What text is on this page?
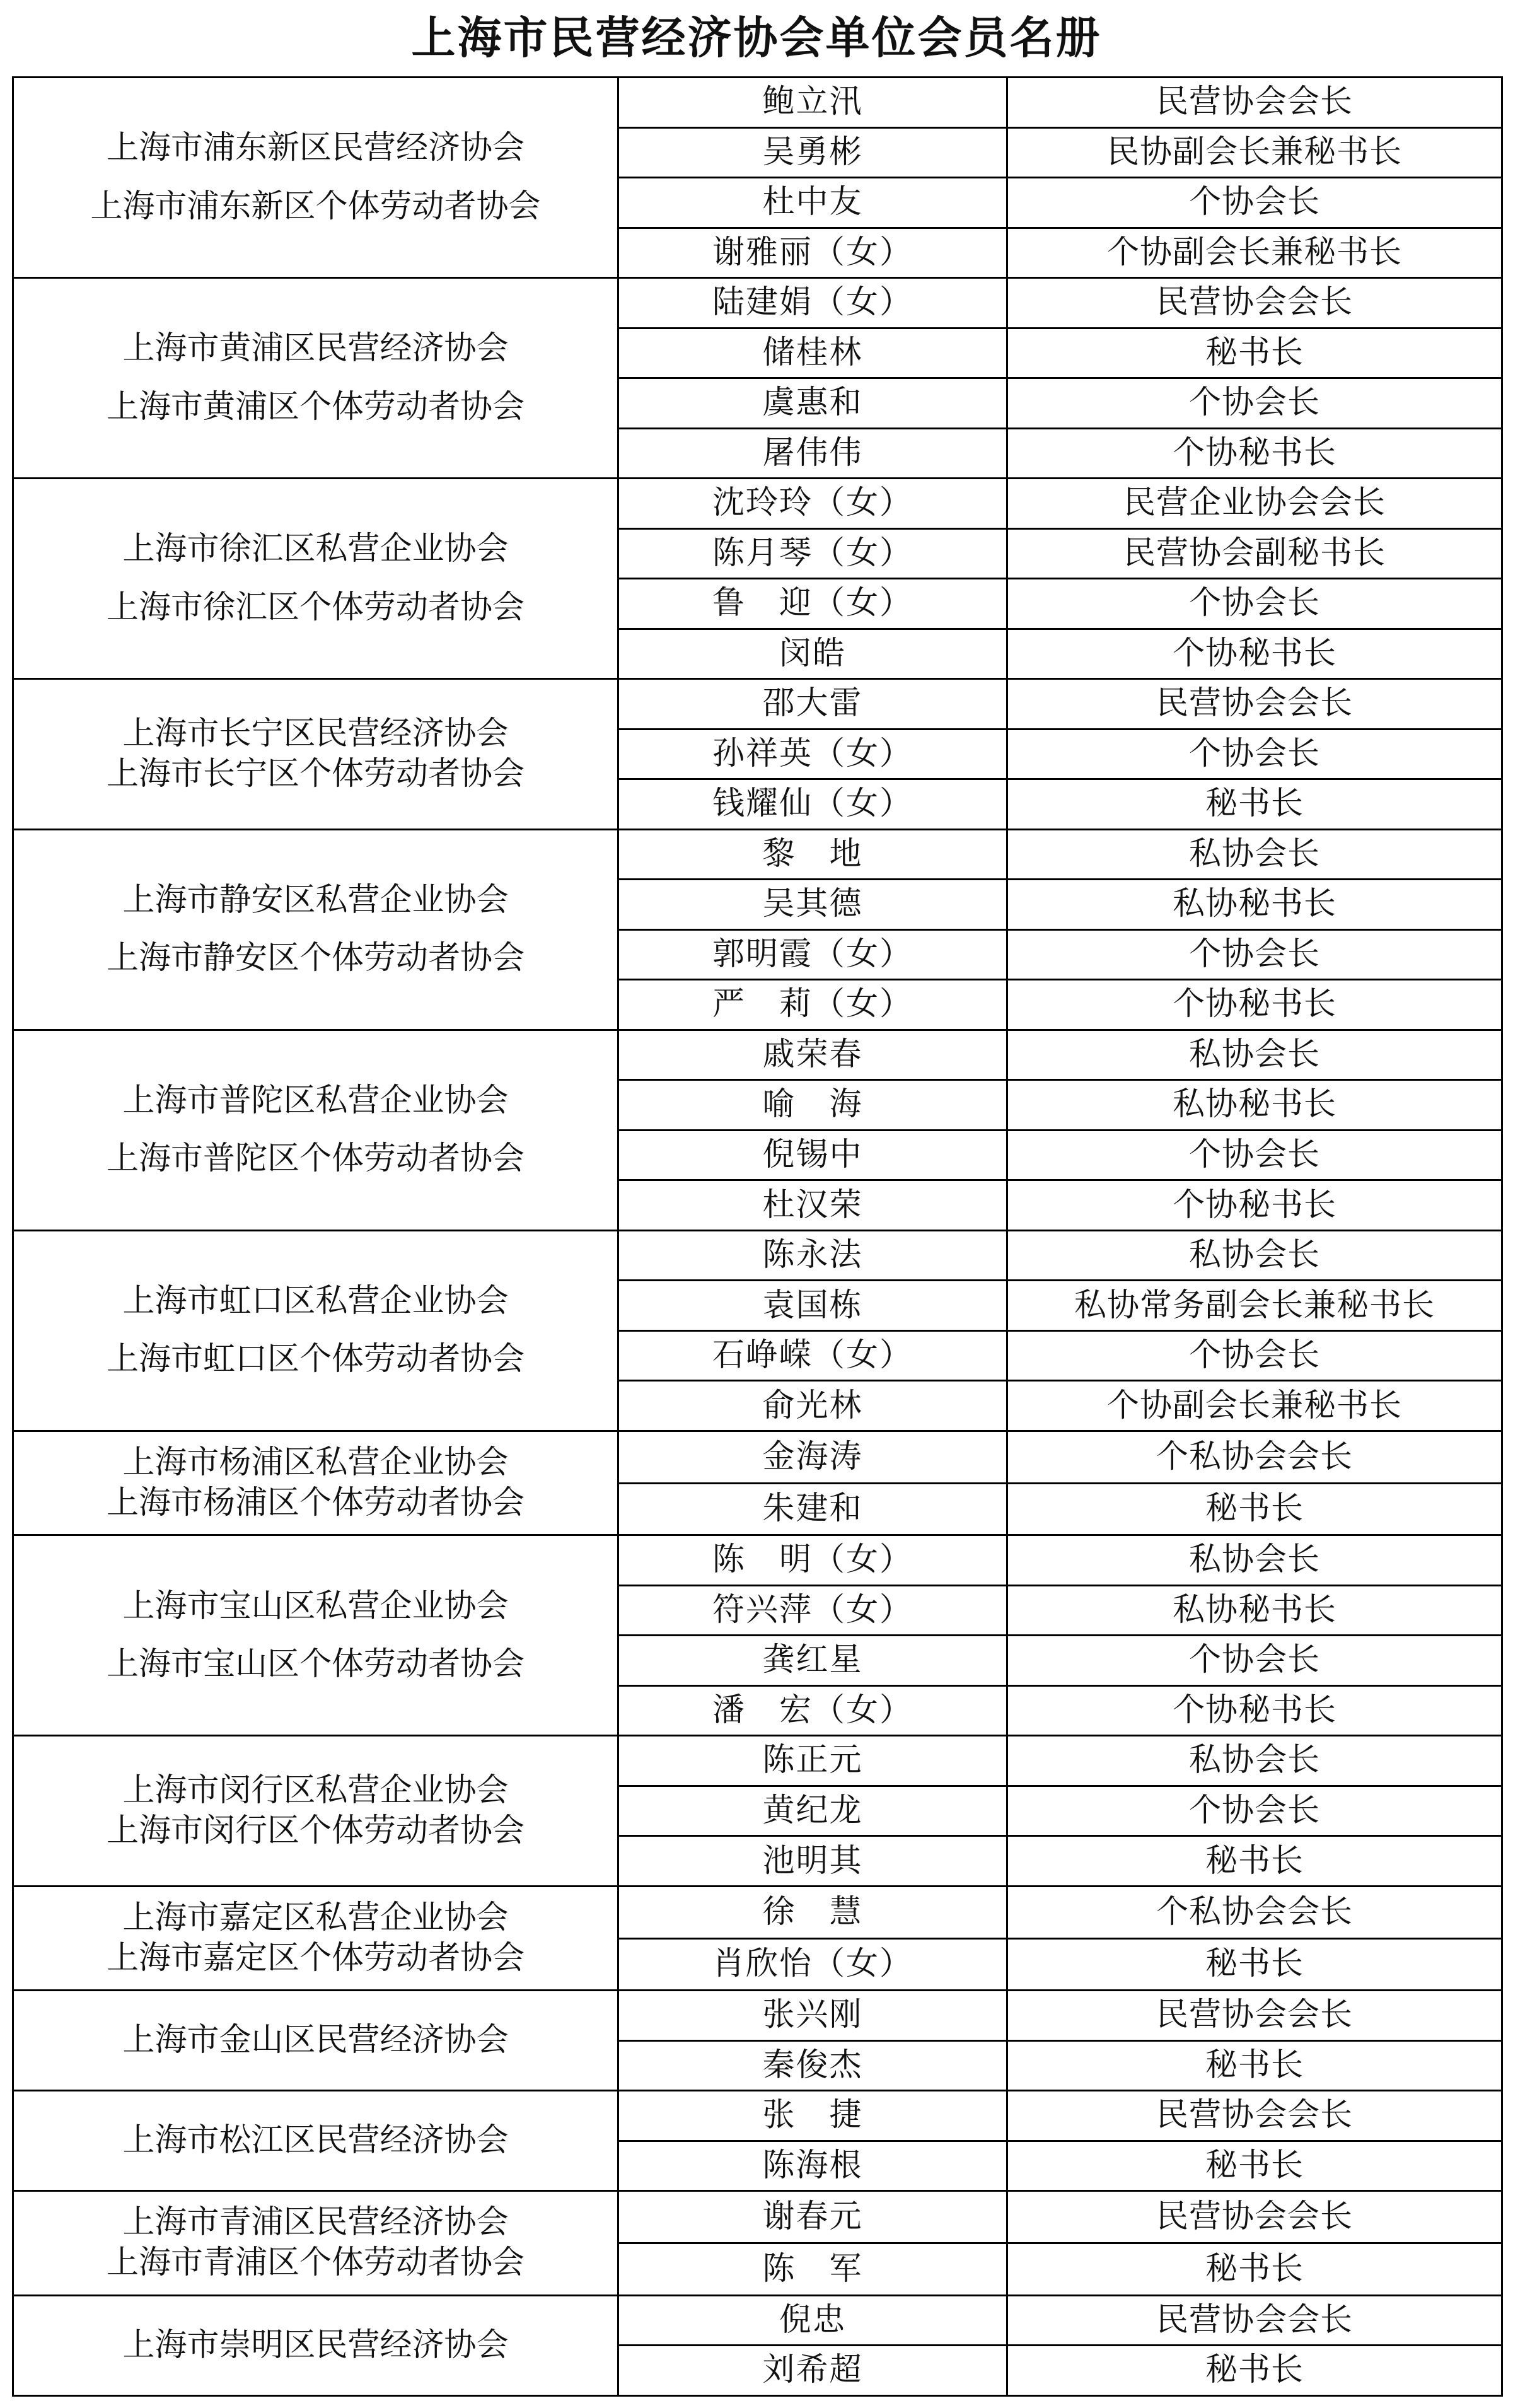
上海市民营经济协会单位会员名册
上海市浦东新区民营经济协会
上海市浦东新区个体劳动者协会	鲍立汛	民营协会会长
	吴勇彬	民协副会长兼秘书长
	杜中友	个协会长
	谢雅丽（女）	个协副会长兼秘书长

上海市黄浦区民营经济协会
上海市黄浦区个体劳动者协会	陆建娟（女）	民营协会会长
	储桂林	秘书长
	虞惠和	个协会长
	屠伟伟	个协秘书长

上海市徐汇区私营企业协会
上海市徐汇区个体劳动者协会	沈玲玲（女）	民营企业协会会长
	陈月琴（女）	民营协会副秘书长
	鲁　迎（女）	个协会长
	闵皓	个协秘书长

上海市长宁区民营经济协会
上海市长宁区个体劳动者协会	邵大雷	民营协会会长
	孙祥英（女）	个协会长
	钱耀仙（女）	秘书长

上海市静安区私营企业协会
上海市静安区个体劳动者协会	黎　地	私协会长
	吴其德	私协秘书长
	郭明霞（女）	个协会长
	严　莉（女）	个协秘书长

上海市普陀区私营企业协会
上海市普陀区个体劳动者协会	戚荣春	私协会长
	喻　海	私协秘书长
	倪锡中	个协会长
	杜汉荣	个协秘书长

上海市虹口区私营企业协会
上海市虹口区个体劳动者协会	陈永法	私协会长
	袁国栋	私协常务副会长兼秘书长
	石峥嵘（女）	个协会长
	俞光林	个协副会长兼秘书长

上海市杨浦区私营企业协会
上海市杨浦区个体劳动者协会	金海涛	个私协会会长
	朱建和	秘书长

上海市宝山区私营企业协会
上海市宝山区个体劳动者协会	陈　明（女）	私协会长
	符兴萍（女）	私协秘书长
	龚红星	个协会长
	潘　宏（女）	个协秘书长

上海市闵行区私营企业协会
上海市闵行区个体劳动者协会	陈正元	私协会长
	黄纪龙	个协会长
	池明其	秘书长

上海市嘉定区私营企业协会
上海市嘉定区个体劳动者协会	徐　慧	个私协会会长
	肖欣怡（女）	秘书长

上海市金山区民营经济协会	张兴刚	民营协会会长
	秦俊杰	秘书长

上海市松江区民营经济协会	张　捷	民营协会会长
	陈海根	秘书长

上海市青浦区民营经济协会
上海市青浦区个体劳动者协会	谢春元	民营协会会长
	陈　军	秘书长

上海市崇明区民营经济协会	倪忠	民营协会会长
	刘希超	秘书长
